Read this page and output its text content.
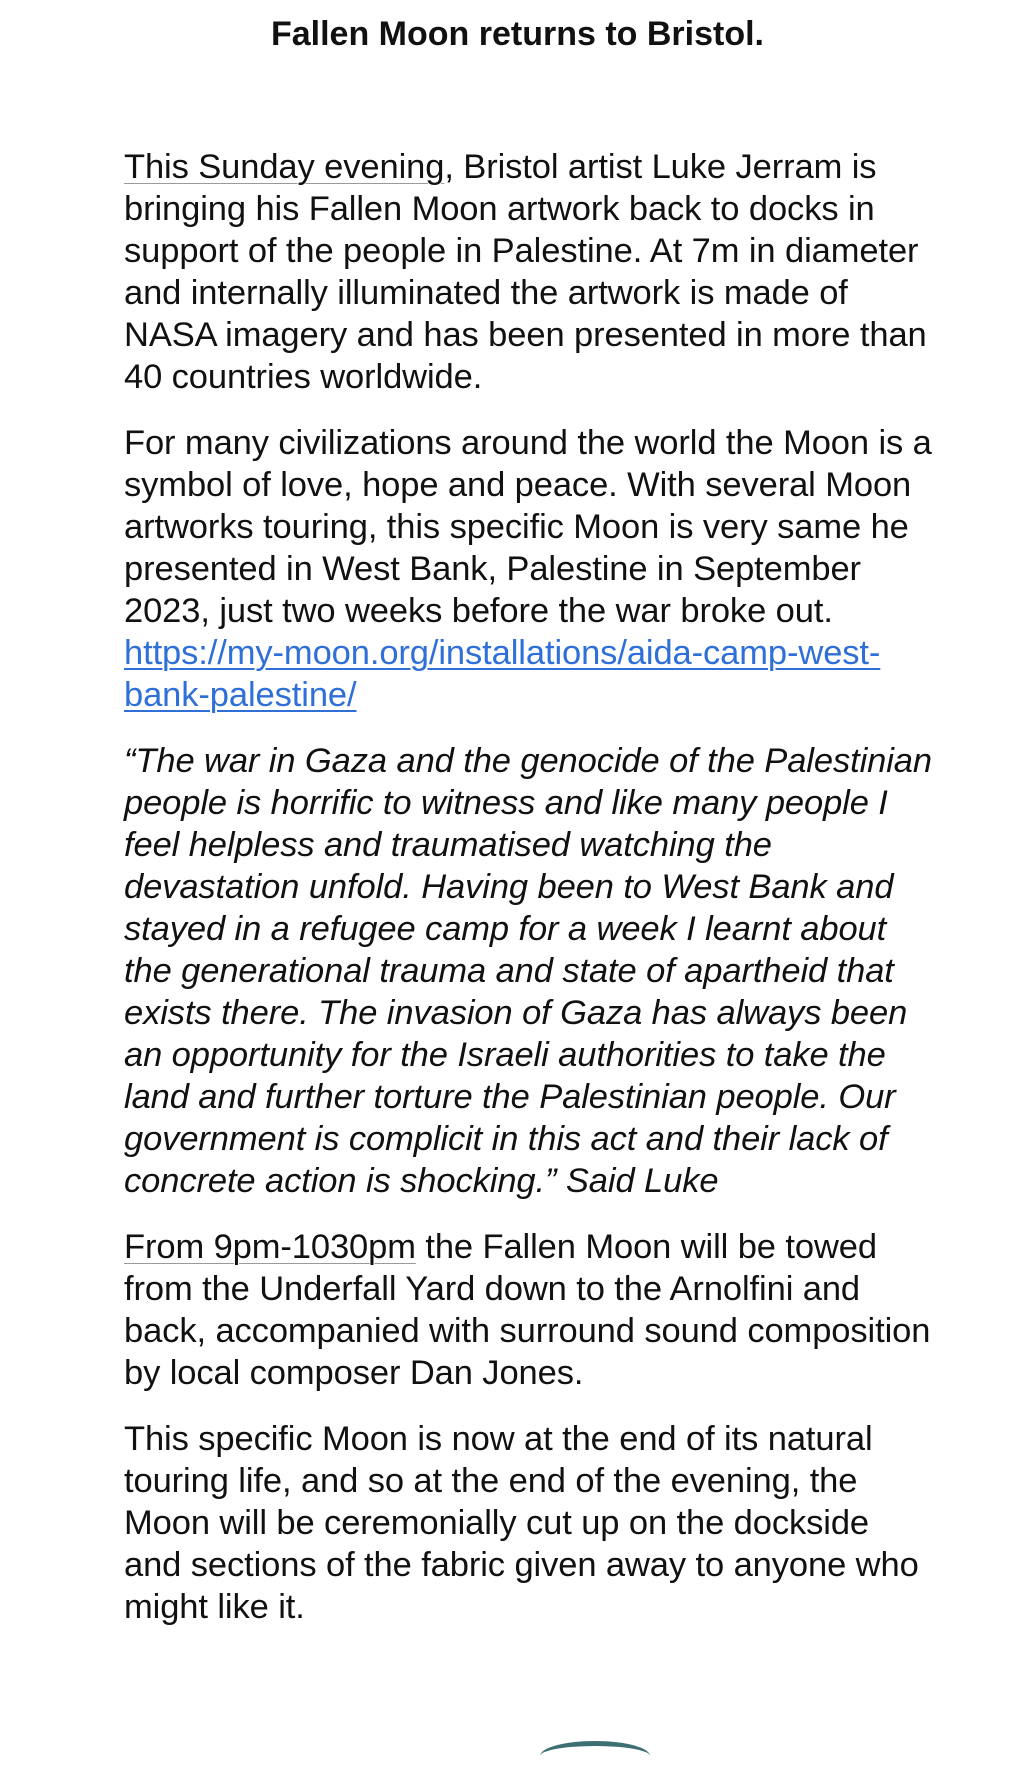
Fallen Moon returns to Bristol.

This Sunday evening, Bristol artist Luke Jerram is bringing his Fallen Moon artwork back to docks in support of the people in Palestine. At 7m in diameter and internally illuminated the artwork is made of NASA imagery and has been presented in more than 40 countries worldwide.

For many civilizations around the world the Moon is a symbol of love, hope and peace. With several Moon artworks touring, this specific Moon is very same he presented in West Bank, Palestine in September 2023, just two weeks before the war broke out. https://my-moon.org/installations/aida-camp-west-bank-palestine/

“The war in Gaza and the genocide of the Palestinian people is horrific to witness and like many people I feel helpless and traumatised watching the devastation unfold. Having been to West Bank and stayed in a refugee camp for a week I learnt about the generational trauma and state of apartheid that exists there. The invasion of Gaza has always been an opportunity for the Israeli authorities to take the land and further torture the Palestinian people. Our government is complicit in this act and their lack of concrete action is shocking.” Said Luke

From 9pm-1030pm the Fallen Moon will be towed from the Underfall Yard down to the Arnolfini and back, accompanied with surround sound composition by local composer Dan Jones.

This specific Moon is now at the end of its natural touring life, and so at the end of the evening, the Moon will be ceremonially cut up on the dockside and sections of the fabric given away to anyone who might like it.
